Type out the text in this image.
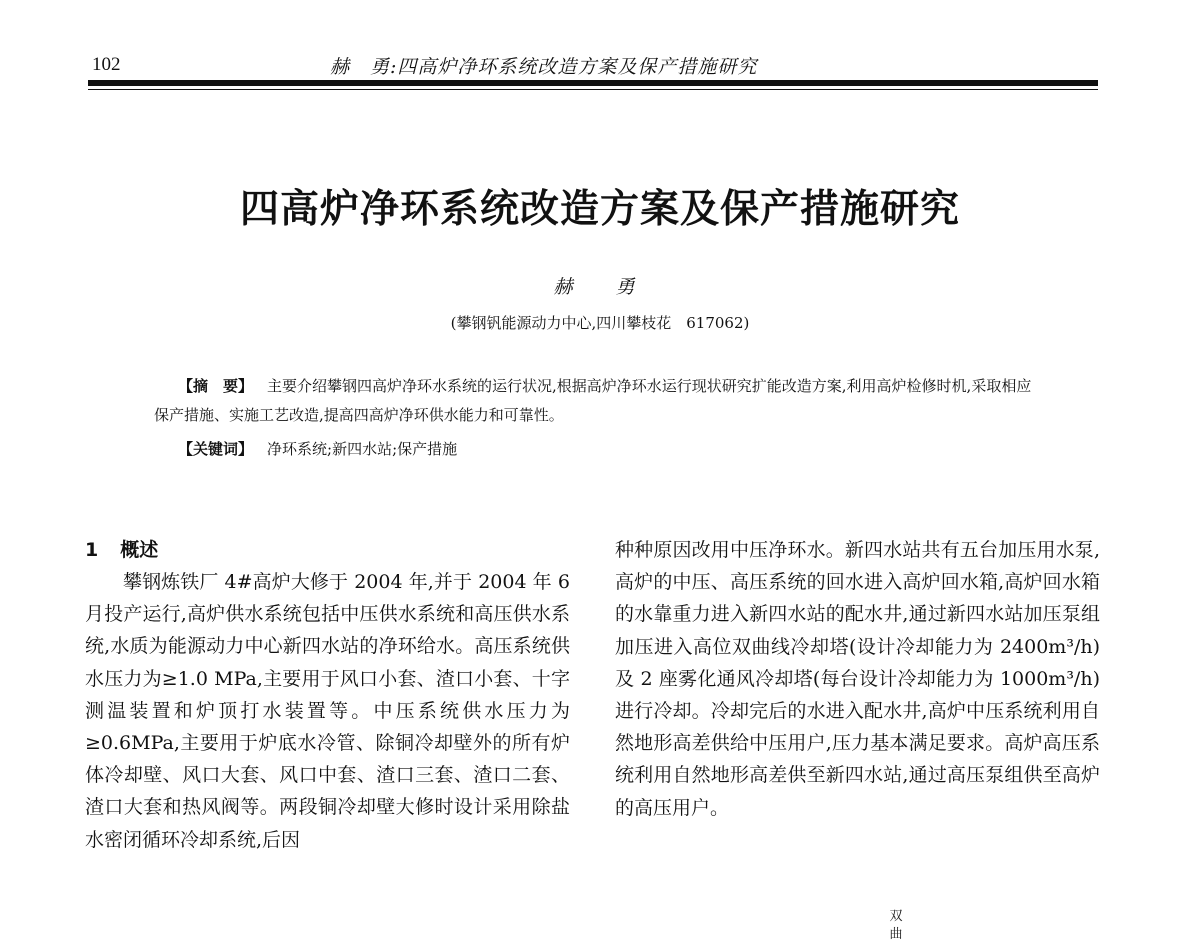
102	赫　勇:四高炉净环系统改造方案及保产措施研究
四高炉净环系统改造方案及保产措施研究
赫　勇
(攀钢钒能源动力中心,四川攀枝花　617062)
【摘　要】 主要介绍攀钢四高炉净环水系统的运行状况,根据高炉净环水运行现状研究扩能改造方案,利用高炉检修时机,采取相应保产措施、实施工艺改造,提高四高炉净环供水能力和可靠性。
【关键词】 净环系统;新四水站;保产措施
1 概述
攀钢炼铁厂 4#高炉大修于 2004 年,并于 2004 年 6 月投产运行,高炉供水系统包括中压供水系统和高压供水系统,水质为能源动力中心新四水站的净环给水。高压系统供水压力为≥1.0 MPa,主要用于风口小套、渣口小套、十字测温装置和炉顶打水装置等。中压系统供水压力为≥0.6MPa,主要用于炉底水冷管、除铜冷却壁外的所有炉体冷却壁、风口大套、风口中套、渣口三套、渣口二套、渣口大套和热风阀等。两段铜冷却壁大修时设计采用除盐水密闭循环冷却系统,后因
种种原因改用中压净环水。新四水站共有五台加压用水泵,高炉的中压、高压系统的回水进入高炉回水箱,高炉回水箱的水靠重力进入新四水站的配水井,通过新四水站加压泵组加压进入高位双曲线冷却塔(设计冷却能力为 2400m³/h)及 2 座雾化通风冷却塔(每台设计冷却能力为 1000m³/h)进行冷却。冷却完后的水进入配水井,高炉中压系统利用自然地形高差供给中压用户,压力基本满足要求。高炉高压系统利用自然地形高差供至新四水站,通过高压泵组供至高炉的高压用户。
双曲
